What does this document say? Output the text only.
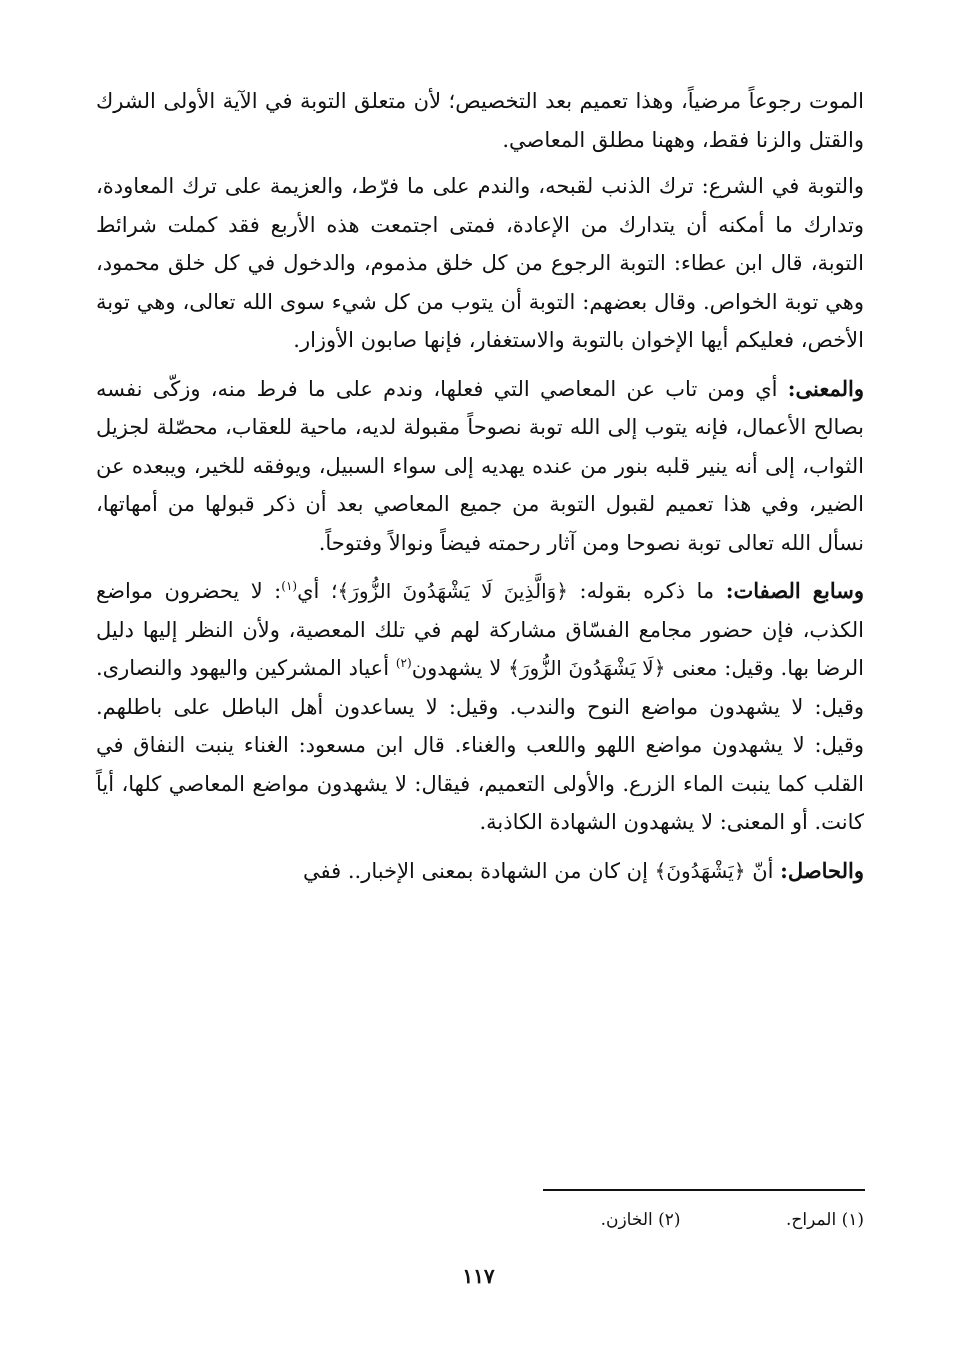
الموت رجوعاً مرضياً، وهذا تعميم بعد التخصيص؛ لأن متعلق التوبة في الآية الأولى الشرك والقتل والزنا فقط، وههنا مطلق المعاصي.

والتوبة في الشرع: ترك الذنب لقبحه، والندم على ما فرّط، والعزيمة على ترك المعاودة، وتدارك ما أمكنه أن يتدارك من الإعادة، فمتى اجتمعت هذه الأربع فقد كملت شرائط التوبة، قال ابن عطاء: التوبة الرجوع من كل خلق مذموم، والدخول في كل خلق محمود، وهي توبة الخواص. وقال بعضهم: التوبة أن يتوب من كل شيء سوى الله تعالى، وهي توبة الأخص، فعليكم أيها الإخوان بالتوبة والاستغفار، فإنها صابون الأوزار.

والمعنى: أي ومن تاب عن المعاصي التي فعلها، وندم على ما فرط منه، وزكّى نفسه بصالح الأعمال، فإنه يتوب إلى الله توبة نصوحاً مقبولة لديه، ماحية للعقاب، محصّلة لجزيل الثواب، إلى أنه ينير قلبه بنور من عنده يهديه إلى سواء السبيل، ويوفقه للخير، ويبعده عن الضير، وفي هذا تعميم لقبول التوبة من جميع المعاصي بعد أن ذكر قبولها من أمهاتها، نسأل الله تعالى توبة نصوحا ومن آثار رحمته فيضاً ونوالاً وفتوحاً.

وسابع الصفات: ما ذكره بقوله: ﴿وَالَّذِينَ لَا يَشْهَدُونَ الزُّورَ﴾؛ أي$^{(١)}$: لا يحضرون مواضع الكذب، فإن حضور مجامع الفسّاق مشاركة لهم في تلك المعصية، ولأن النظر إليها دليل الرضا بها. وقيل: معنى ﴿لَا يَشْهَدُونَ الزُّورَ﴾ لا يشهدون$^{(٢)}$ أعياد المشركين واليهود والنصارى. وقيل: لا يشهدون مواضع النوح والندب. وقيل: لا يساعدون أهل الباطل على باطلهم. وقيل: لا يشهدون مواضع اللهو واللعب والغناء. قال ابن مسعود: الغناء ينبت النفاق في القلب كما ينبت الماء الزرع. والأولى التعميم، فيقال: لا يشهدون مواضع المعاصي كلها، أياً كانت. أو المعنى: لا يشهدون الشهادة الكاذبة.

والحاصل: أنّ ﴿يَشْهَدُونَ﴾ إن كان من الشهادة بمعنى الإخبار.. ففي

(١) المراح. (٢) الخازن.
١١٧
